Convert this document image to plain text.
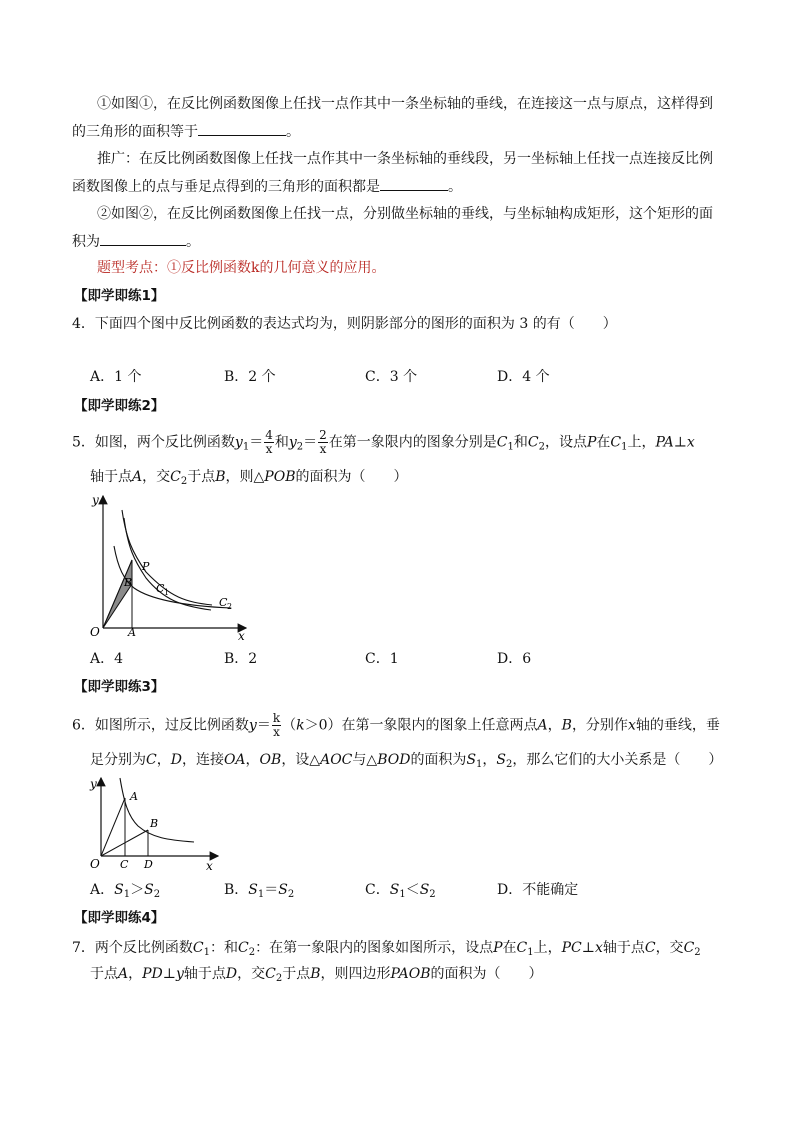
①如图①，在反比例函数图像上任找一点作其中一条坐标轴的垂线，在连接这一点与原点，这样得到
的三角形的面积等于	。
推广：在反比例函数图像上任找一点作其中一条坐标轴的垂线段，另一坐标轴上任找一点连接反比例
函数图像上的点与垂足点得到的三角形的面积都是	。
②如图②，在反比例函数图像上任找一点，分别做坐标轴的垂线，与坐标轴构成矩形，这个矩形的面
积为	。
题型考点：①反比例函数k的几何意义的应用。
【即学即练1】
4．下面四个图中反比例函数的表达式均为，则阴影部分的图形的面积为 3 的有（　　）
A．1 个	B．2 个	C．3 个	D．4 个
【即学即练2】
5．如图，两个反比例函数$y_1= \frac{4}{x}$ 和$y_2= \frac{2}{x}$ 在第一象限内的图象分别是$C_1$和$C_2$，设点P在$C_1$上，PA⊥x
轴于点A，交$C_2$于点B，则△POB的面积为（　　）
y
x
O	A
B
P
C 1
C 2
A．4	B．2	C．1	D．6
【即学即练3】
6．如图所示，过反比例函数$y= \frac{k}{x} (k>0)$在第一象限内的图象上任意两点A，B，分别作x轴的垂线，垂
足分别为C，D，连接OA，OB，设△AOC与△BOD的面积为$S_1$，$S_2$，那么它们的大小关系是（　　）
y
x
O
A
B
C D
A．$S_1>S_2$	B．$S_1=S_2$	C．$S_1<S_2$	D．不能确定
【即学即练4】
7．两个反比例函数$C_1$：和$C_2$：在第一象限内的图象如图所示，设点P在$C_1$上，PC⊥x轴于点C，交$C_2$
于点A，PD⊥y轴于点D，交$C_2$于点B，则四边形PAOB的面积为（　　）
